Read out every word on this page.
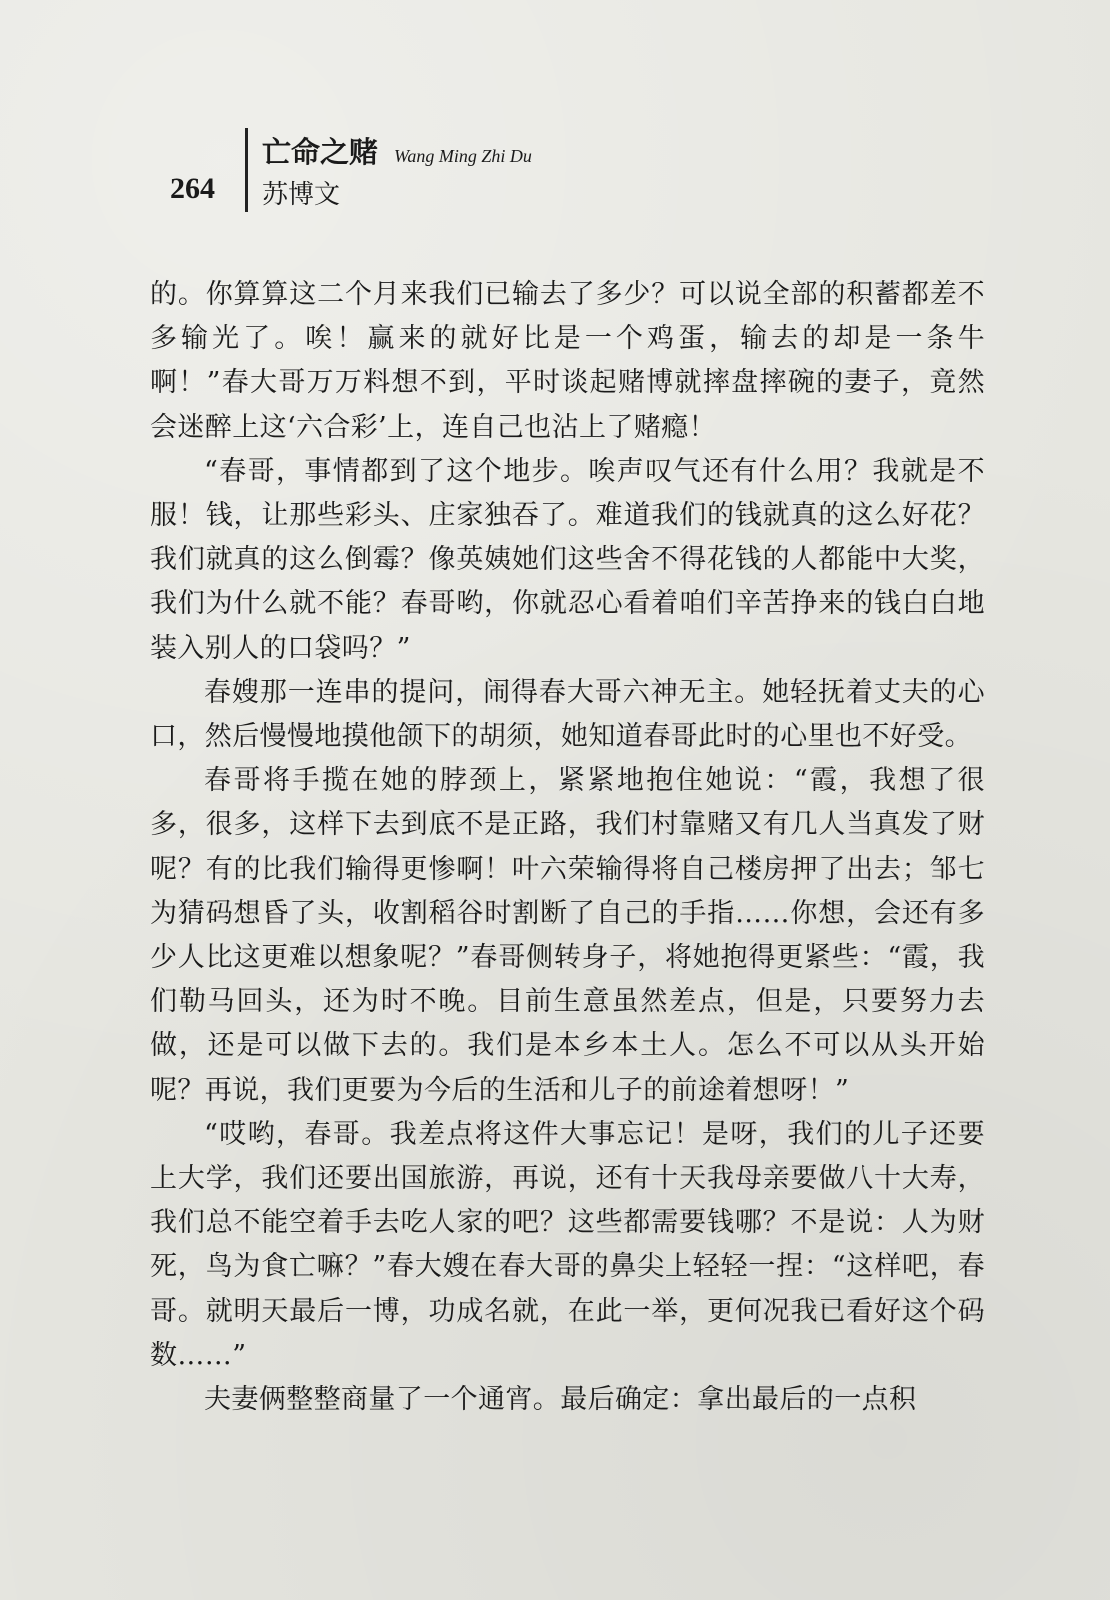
264
亡命之赌 Wang Ming Zhi Du
苏博文

的。你算算这二个月来我们已输去了多少？可以说全部的积蓄都差不多输光了。唉！赢来的就好比是一个鸡蛋，输去的却是一条牛啊！”春大哥万万料想不到，平时谈起赌博就摔盘摔碗的妻子，竟然会迷醉上这‘六合彩’上，连自己也沾上了赌瘾！

“春哥，事情都到了这个地步。唉声叹气还有什么用？我就是不服！钱，让那些彩头、庄家独吞了。难道我们的钱就真的这么好花？我们就真的这么倒霉？像英姨她们这些舍不得花钱的人都能中大奖，我们为什么就不能？春哥哟，你就忍心看着咱们辛苦挣来的钱白白地装入别人的口袋吗？”

春嫂那一连串的提问，闹得春大哥六神无主。她轻抚着丈夫的心口，然后慢慢地摸他颌下的胡须，她知道春哥此时的心里也不好受。

春哥将手揽在她的脖颈上，紧紧地抱住她说：“霞，我想了很多，很多，这样下去到底不是正路，我们村靠赌又有几人当真发了财呢？有的比我们输得更惨啊！叶六荣输得将自己楼房押了出去；邹七为猜码想昏了头，收割稻谷时割断了自己的手指……你想，会还有多少人比这更难以想象呢？”春哥侧转身子，将她抱得更紧些：“霞，我们勒马回头，还为时不晚。目前生意虽然差点，但是，只要努力去做，还是可以做下去的。我们是本乡本土人。怎么不可以从头开始呢？再说，我们更要为今后的生活和儿子的前途着想呀！”

“哎哟，春哥。我差点将这件大事忘记！是呀，我们的儿子还要上大学，我们还要出国旅游，再说，还有十天我母亲要做八十大寿，我们总不能空着手去吃人家的吧？这些都需要钱哪？不是说：人为财死，鸟为食亡嘛？”春大嫂在春大哥的鼻尖上轻轻一捏：“这样吧，春哥。就明天最后一博，功成名就，在此一举，更何况我已看好这个码数……”

夫妻俩整整商量了一个通宵。最后确定：拿出最后的一点积
